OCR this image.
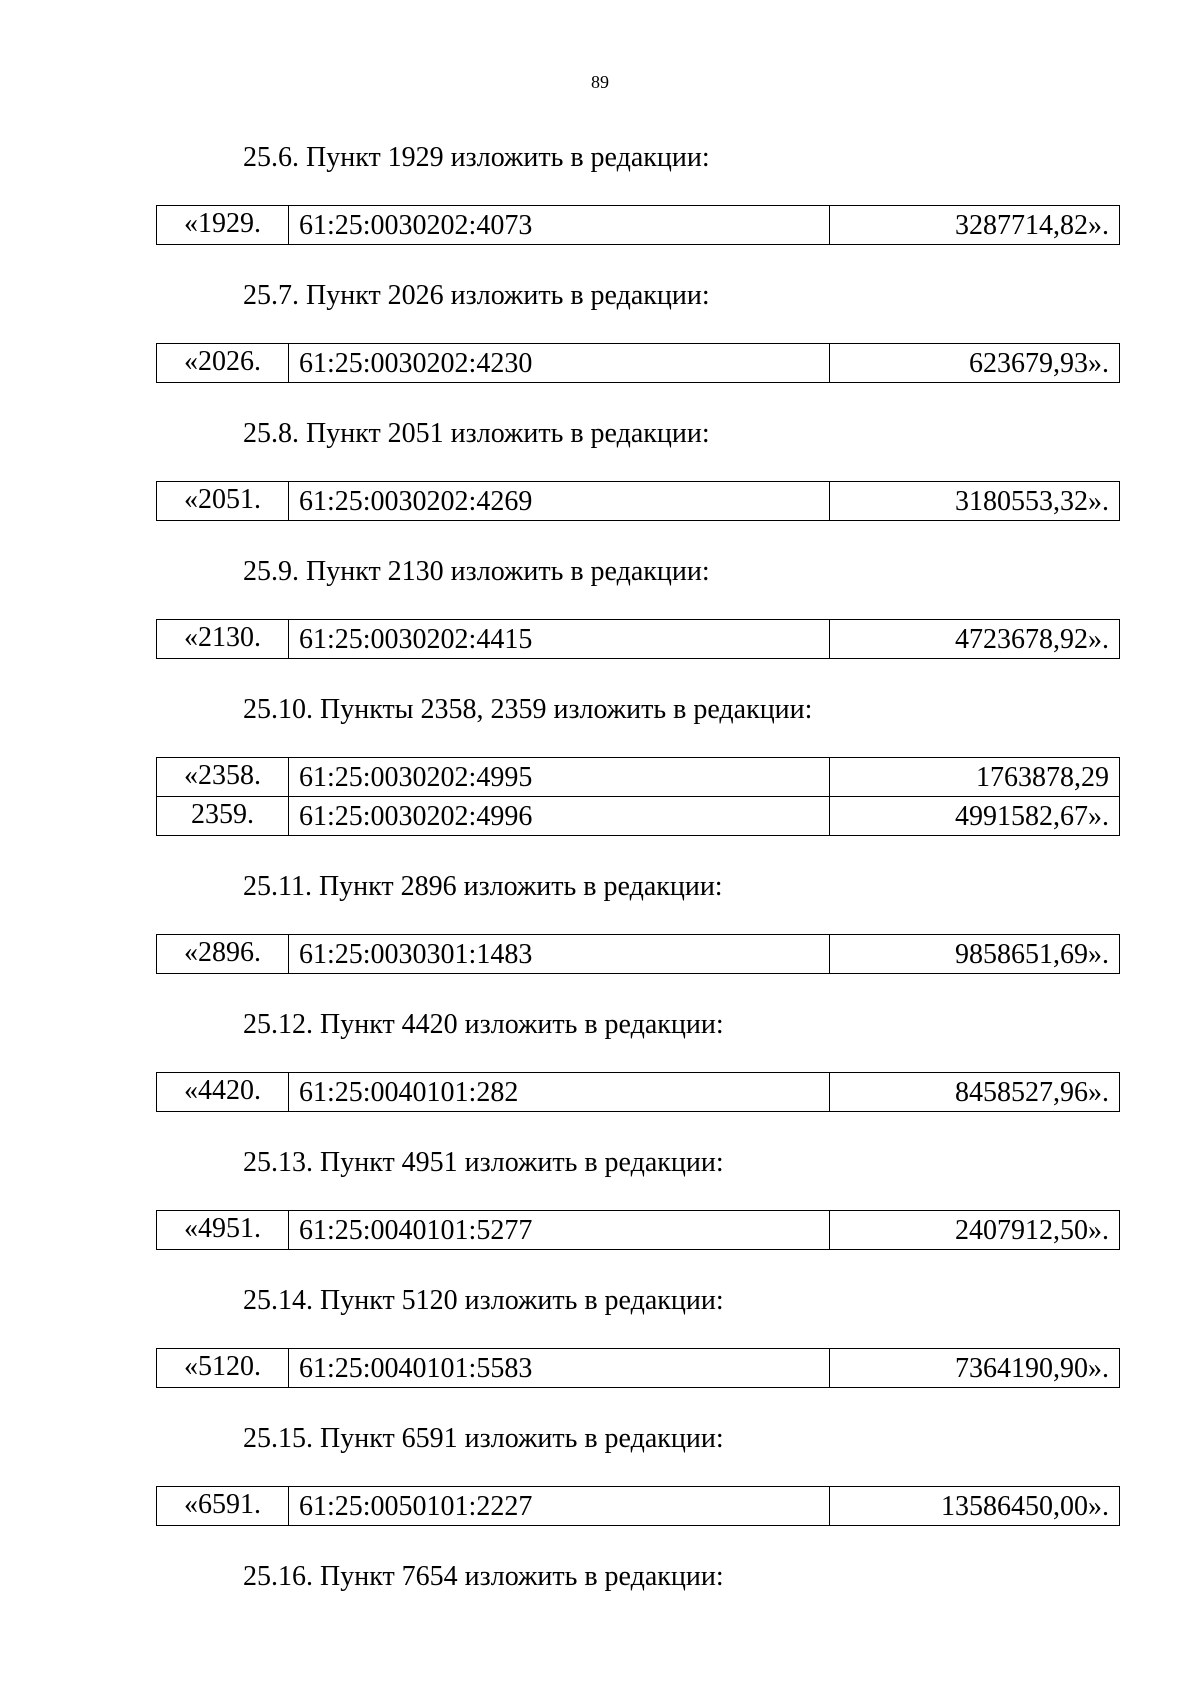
89
25.6. Пункт 1929 изложить в редакции:
«1929.	61:25:0030202:4073	3287714,82».
25.7. Пункт 2026 изложить в редакции:
«2026.	61:25:0030202:4230	623679,93».
25.8. Пункт 2051 изложить в редакции:
«2051.	61:25:0030202:4269	3180553,32».
25.9. Пункт 2130 изложить в редакции:
«2130.	61:25:0030202:4415	4723678,92».
25.10. Пункты 2358, 2359 изложить в редакции:
«2358.	61:25:0030202:4995	1763878,29
2359.	61:25:0030202:4996	4991582,67».
25.11. Пункт 2896 изложить в редакции:
«2896.	61:25:0030301:1483	9858651,69».
25.12. Пункт 4420 изложить в редакции:
«4420.	61:25:0040101:282	8458527,96».
25.13. Пункт 4951 изложить в редакции:
«4951.	61:25:0040101:5277	2407912,50».
25.14. Пункт 5120 изложить в редакции:
«5120.	61:25:0040101:5583	7364190,90».
25.15. Пункт 6591 изложить в редакции:
«6591.	61:25:0050101:2227	13586450,00».
25.16. Пункт 7654 изложить в редакции:
